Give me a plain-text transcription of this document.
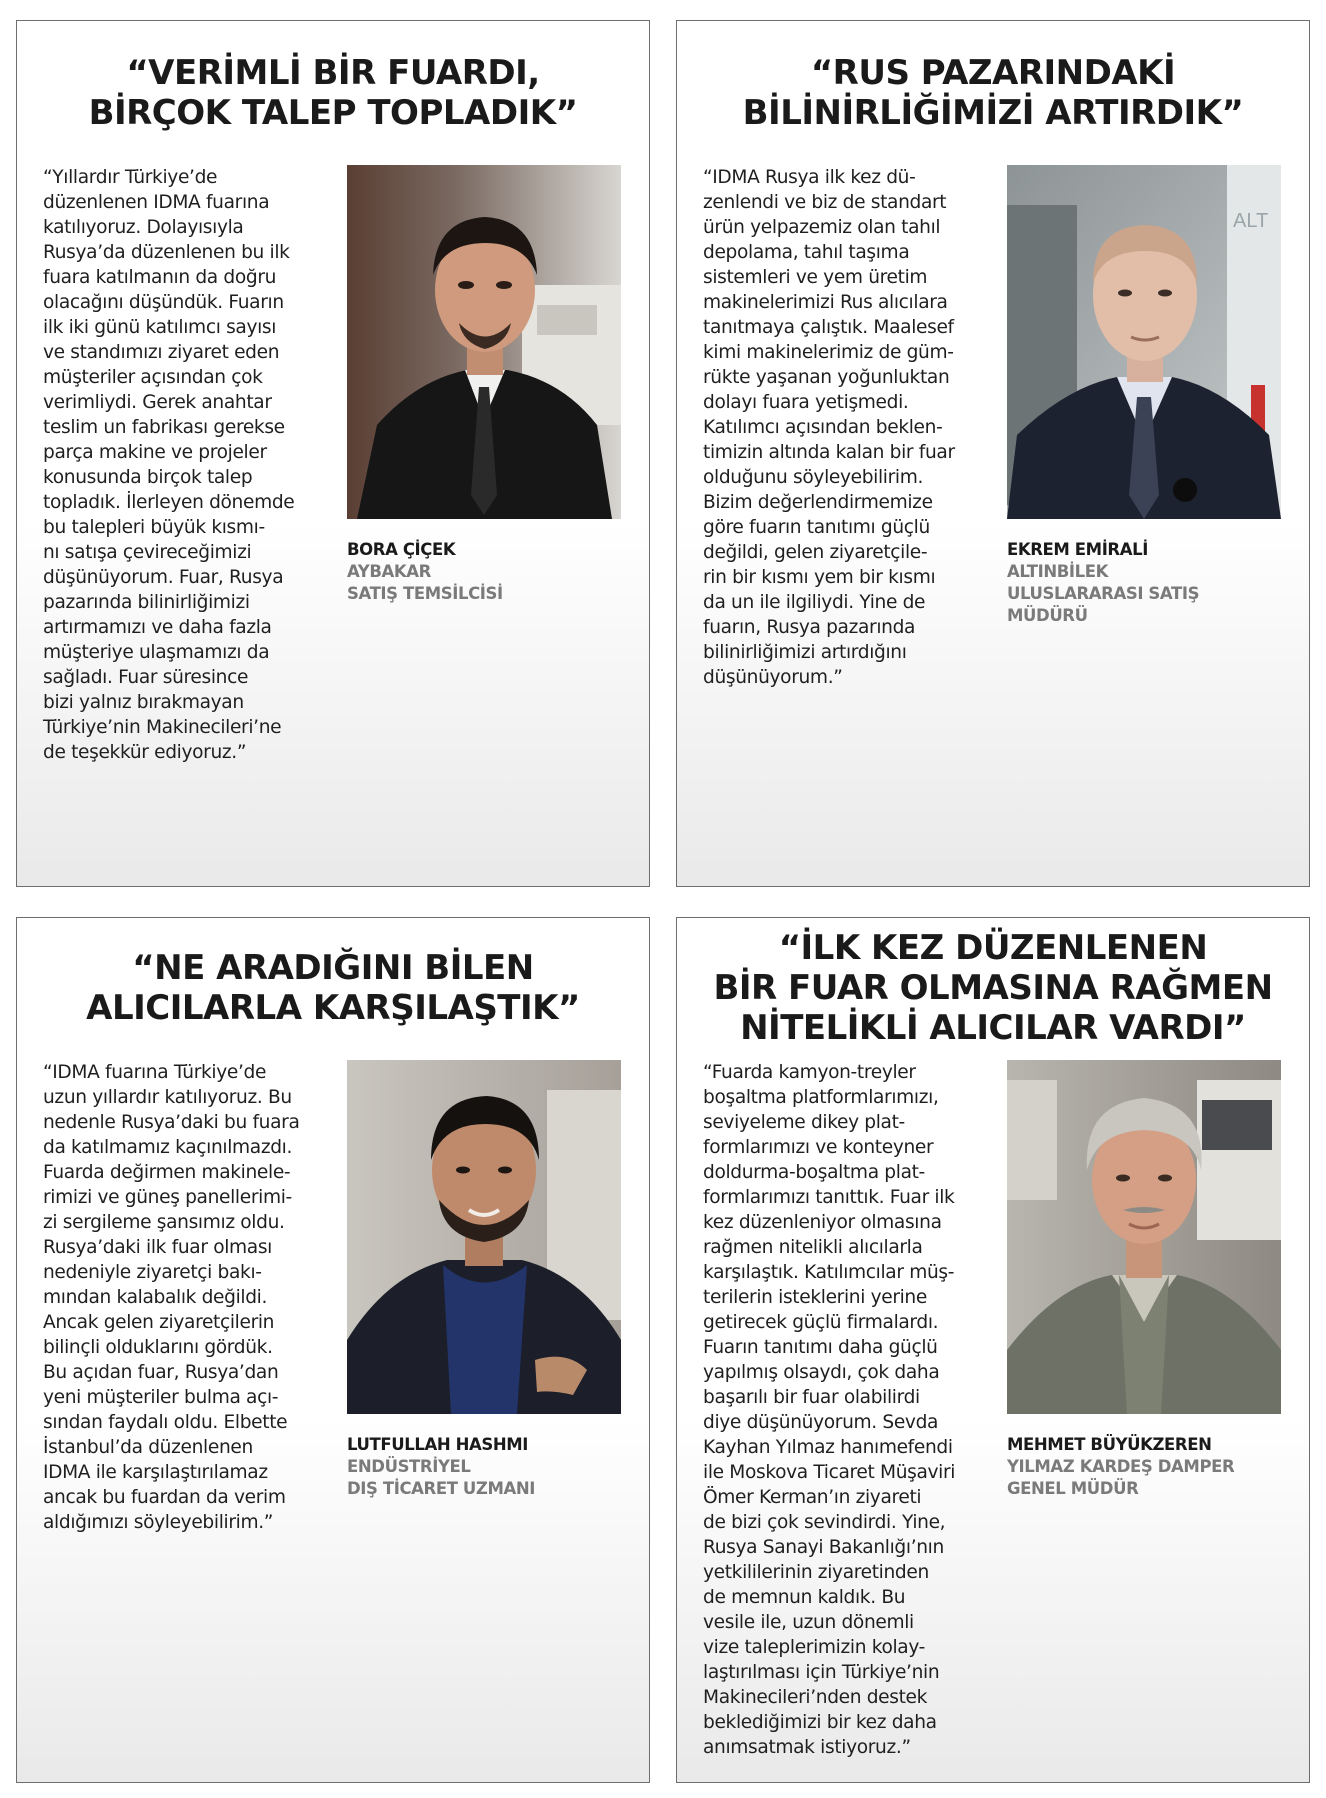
“VERİMLİ BİR FUARDI,
BİRÇOK TALEP TOPLADIK”

“Yıllardır Türkiye’de
düzenlenen IDMA fuarına
katılıyoruz. Dolayısıyla
Rusya’da düzenlenen bu ilk
fuara katılmanın da doğru
olacağını düşündük. Fuarın
ilk iki günü katılımcı sayısı
ve standımızı ziyaret eden
müşteriler açısından çok
verimliydi. Gerek anahtar
teslim un fabrikası gerekse
parça makine ve projeler
konusunda birçok talep
topladık. İlerleyen dönemde
bu talepleri büyük kısmı-
nı satışa çevireceğimizi
düşünüyorum. Fuar, Rusya
pazarında bilinirliğimizi
artırmamızı ve daha fazla
müşteriye ulaşmamızı da
sağladı. Fuar süresince
bizi yalnız bırakmayan
Türkiye’nin Makinecileri’ne
de teşekkür ediyoruz.”

BORA ÇİÇEK
AYBAKAR
SATIŞ TEMSİLCİSİ

“RUS PAZARINDAKİ
BİLİNİRLİĞİMİZİ ARTIRDIK”

“IDMA Rusya ilk kez dü-
zenlendi ve biz de standart
ürün yelpazemiz olan tahıl
depolama, tahıl taşıma
sistemleri ve yem üretim
makinelerimizi Rus alıcılara
tanıtmaya çalıştık. Maalesef
kimi makinelerimiz de güm-
rükte yaşanan yoğunluktan
dolayı fuara yetişmedi.
Katılımcı açısından beklen-
timizin altında kalan bir fuar
olduğunu söyleyebilirim.
Bizim değerlendirmemize
göre fuarın tanıtımı güçlü
değildi, gelen ziyaretçile-
rin bir kısmı yem bir kısmı
da un ile ilgiliydi. Yine de
fuarın, Rusya pazarında
bilinirliğimizi artırdığını
düşünüyorum.”

ALT

EKREM EMİRALİ
ALTINBİLEK
ULUSLARARASI SATIŞ
MÜDÜRÜ

“NE ARADIĞINI BİLEN
ALICILARLA KARŞILAŞTIK”

“IDMA fuarına Türkiye’de
uzun yıllardır katılıyoruz. Bu
nedenle Rusya’daki bu fuara
da katılmamız kaçınılmazdı.
Fuarda değirmen makinele-
rimizi ve güneş panellerimi-
zi sergileme şansımız oldu.
Rusya’daki ilk fuar olması
nedeniyle ziyaretçi bakı-
mından kalabalık değildi.
Ancak gelen ziyaretçilerin
bilinçli olduklarını gördük.
Bu açıdan fuar, Rusya’dan
yeni müşteriler bulma açı-
sından faydalı oldu. Elbette
İstanbul’da düzenlenen
IDMA ile karşılaştırılamaz
ancak bu fuardan da verim
aldığımızı söyleyebilirim.”

LUTFULLAH HASHMI
ENDÜSTRİYEL
DIŞ TİCARET UZMANI

“İLK KEZ DÜZENLENEN
BİR FUAR OLMASINA RAĞMEN
NİTELİKLİ ALICILAR VARDI”

“Fuarda kamyon-treyler
boşaltma platformlarımızı,
seviyeleme dikey plat-
formlarımızı ve konteyner
doldurma-boşaltma plat-
formlarımızı tanıttık. Fuar ilk
kez düzenleniyor olmasına
rağmen nitelikli alıcılarla
karşılaştık. Katılımcılar müş-
terilerin isteklerini yerine
getirecek güçlü firmalardı.
Fuarın tanıtımı daha güçlü
yapılmış olsaydı, çok daha
başarılı bir fuar olabilirdi
diye düşünüyorum. Sevda
Kayhan Yılmaz hanımefendi
ile Moskova Ticaret Müşaviri
Ömer Kerman’ın ziyareti
de bizi çok sevindirdi. Yine,
Rusya Sanayi Bakanlığı’nın
yetkililerinin ziyaretinden
de memnun kaldık. Bu
vesile ile, uzun dönemli
vize taleplerimizin kolay-
laştırılması için Türkiye’nin
Makinecileri’nden destek
beklediğimizi bir kez daha
anımsatmak istiyoruz.”

MEHMET BÜYÜKZEREN
YILMAZ KARDEŞ DAMPER
GENEL MÜDÜR
